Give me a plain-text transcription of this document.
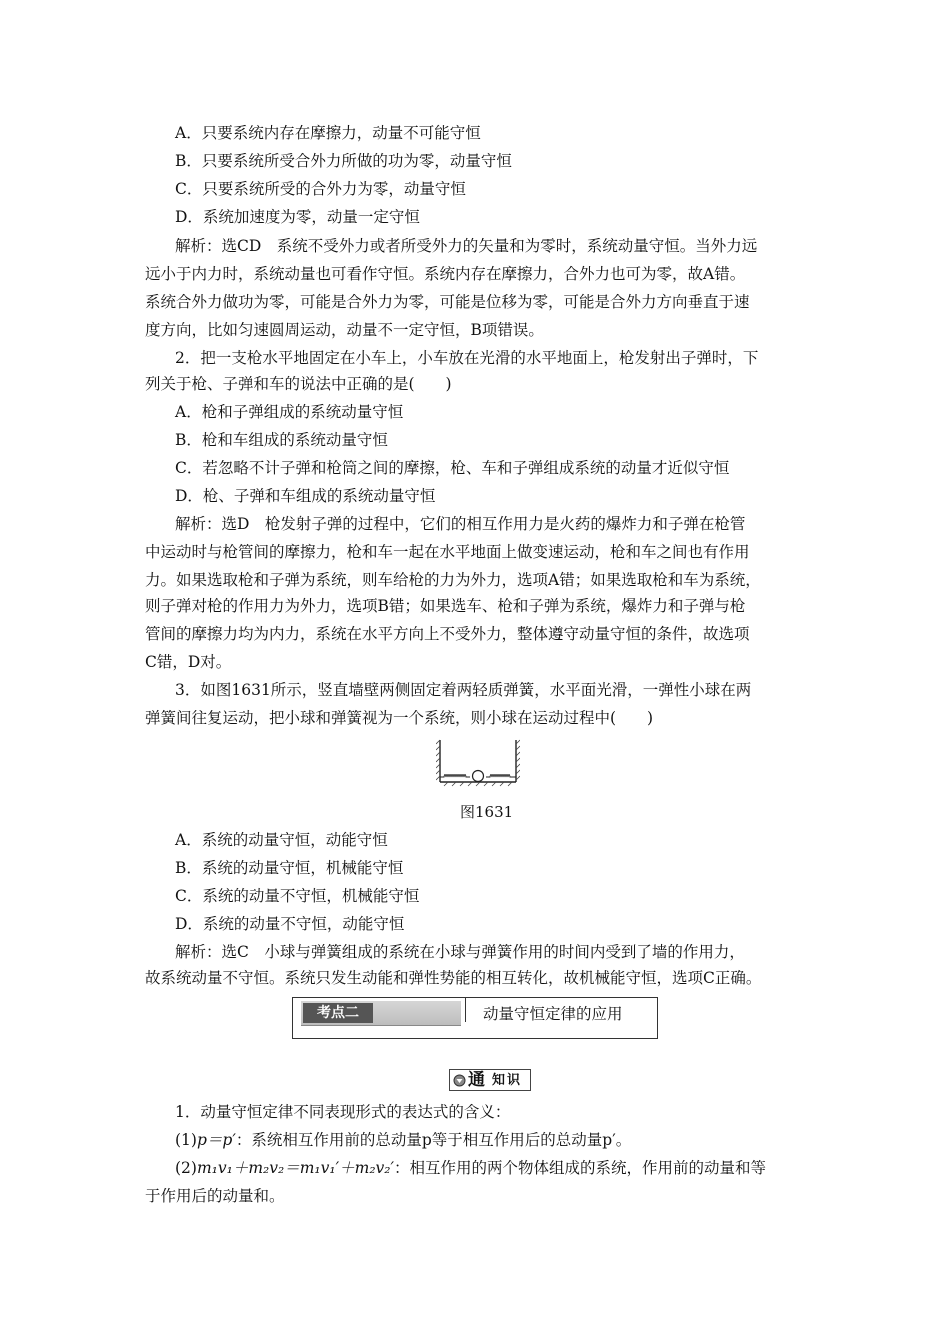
A．只要系统内存在摩擦力，动量不可能守恒
B．只要系统所受合外力所做的功为零，动量守恒
C．只要系统所受的合外力为零，动量守恒
D．系统加速度为零，动量一定守恒
解析：选CD　系统不受外力或者所受外力的矢量和为零时，系统动量守恒。当外力远
远小于内力时，系统动量也可看作守恒。系统内存在摩擦力，合外力也可为零，故A错。
系统合外力做功为零，可能是合外力为零，可能是位移为零，可能是合外力方向垂直于速
度方向，比如匀速圆周运动，动量不一定守恒，B项错误。
2．把一支枪水平地固定在小车上，小车放在光滑的水平地面上，枪发射出子弹时，下
列关于枪、子弹和车的说法中正确的是(　　)
A．枪和子弹组成的系统动量守恒
B．枪和车组成的系统动量守恒
C．若忽略不计子弹和枪筒之间的摩擦，枪、车和子弹组成系统的动量才近似守恒
D．枪、子弹和车组成的系统动量守恒
解析：选D　枪发射子弹的过程中，它们的相互作用力是火药的爆炸力和子弹在枪管
中运动时与枪管间的摩擦力，枪和车一起在水平地面上做变速运动，枪和车之间也有作用
力。如果选取枪和子弹为系统，则车给枪的力为外力，选项A错；如果选取枪和车为系统，
则子弹对枪的作用力为外力，选项B错；如果选车、枪和子弹为系统，爆炸力和子弹与枪
管间的摩擦力均为内力，系统在水平方向上不受外力，整体遵守动量守恒的条件，故选项
C错，D对。
3．如图1631所示，竖直墙壁两侧固定着两轻质弹簧，水平面光滑，一弹性小球在两
弹簧间往复运动，把小球和弹簧视为一个系统，则小球在运动过程中(　　)
图1631
A．系统的动量守恒，动能守恒
B．系统的动量守恒，机械能守恒
C．系统的动量不守恒，机械能守恒
D．系统的动量不守恒，动能守恒
解析：选C　小球与弹簧组成的系统在小球与弹簧作用的时间内受到了墙的作用力，
故系统动量不守恒。系统只发生动能和弹性势能的相互转化，故机械能守恒，选项C正确。
考点二	动量守恒定律的应用
通 知识
1．动量守恒定律不同表现形式的表达式的含义：
(1)p＝p′：系统相互作用前的总动量p等于相互作用后的总动量p′。
(2)m₁v₁＋m₂v₂＝m₁v₁′＋m₂v₂′：相互作用的两个物体组成的系统，作用前的动量和等
于作用后的动量和。
